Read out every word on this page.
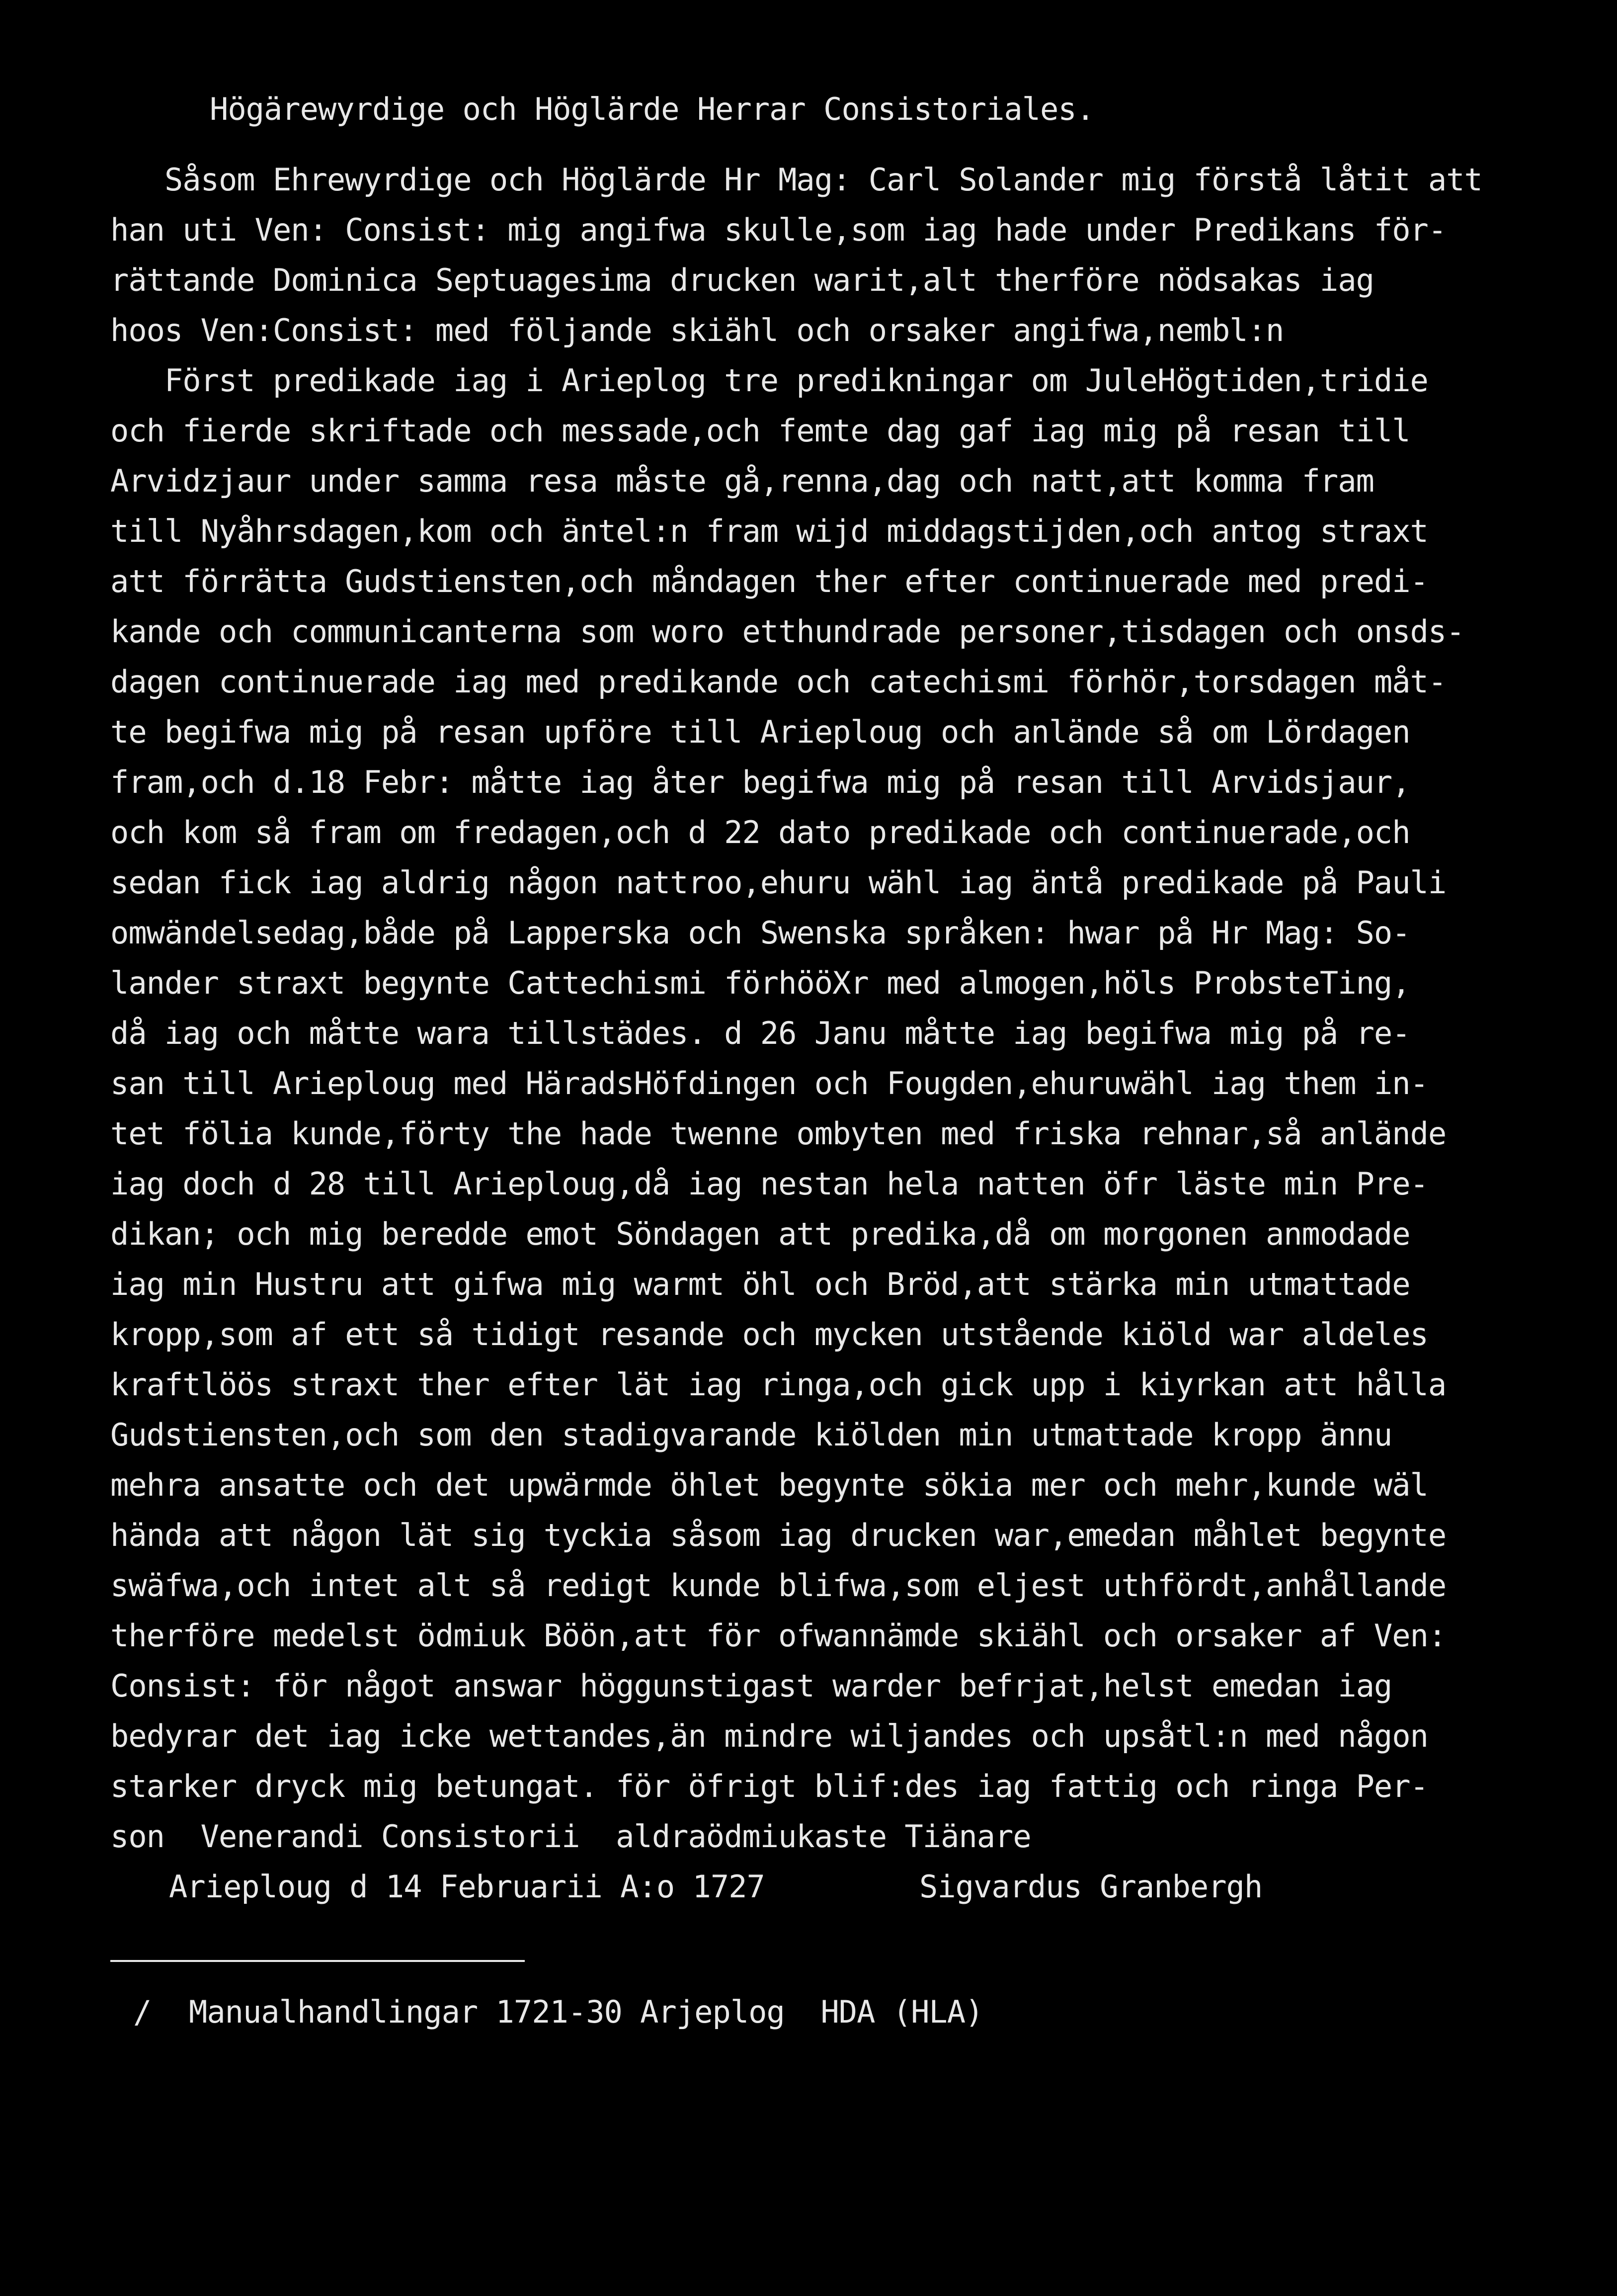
Högärewyrdige och Höglärde Herrar Consistoriales.

Såsom Ehrewyrdige och Höglärde Hr Mag: Carl Solander mig förstå låtit att

han uti Ven: Consist: mig angifwa skulle,som iag hade under Predikans för-

rättande Dominica Septuagesima drucken warit,alt therföre nödsakas iag

hoos Ven:Consist: med följande skiähl och orsaker angifwa,nembl:n

Först predikade iag i Arieplog tre predikningar om JuleHögtiden,tridie

och fierde skriftade och messade,och femte dag gaf iag mig på resan till

Arvidzjaur under samma resa måste gå,renna,dag och natt,att komma fram

till Nyåhrsdagen,kom och äntel:n fram wijd middagstijden,och antog straxt

att förrätta Gudstiensten,och måndagen ther efter continuerade med predi-

kande och communicanterna som woro etthundrade personer,tisdagen och onsds-

dagen continuerade iag med predikande och catechismi förhör,torsdagen måt-

te begifwa mig på resan upföre till Arieploug och anlände så om Lördagen

fram,och d.18 Febr: måtte iag åter begifwa mig på resan till Arvidsjaur,

och kom så fram om fredagen,och d 22 dato predikade och continuerade,och

sedan fick iag aldrig någon nattroo,ehuru wähl iag äntå predikade på Pauli

omwändelsedag,både på Lapperska och Swenska språken: hwar på Hr Mag: So-

lander straxt begynte Cattechismi förhööXr med almogen,höls ProbsteTing,

då iag och måtte wara tillstädes. d 26 Janu måtte iag begifwa mig på re-

san till Arieploug med HäradsHöfdingen och Fougden,ehuruwähl iag them in-

tet fölia kunde,förty the hade twenne ombyten med friska rehnar,så anlände

iag doch d 28 till Arieploug,då iag nestan hela natten öfr läste min Pre-

dikan; och mig beredde emot Söndagen att predika,då om morgonen anmodade

iag min Hustru att gifwa mig warmt öhl och Bröd,att stärka min utmattade

kropp,som af ett så tidigt resande och mycken utstående kiöld war aldeles

kraftlöös straxt ther efter lät iag ringa,och gick upp i kiyrkan att hålla

Gudstiensten,och som den stadigvarande kiölden min utmattade kropp ännu

mehra ansatte och det upwärmde öhlet begynte sökia mer och mehr,kunde wäl

hända att någon lät sig tyckia såsom iag drucken war,emedan måhlet begynte

swäfwa,och intet alt så redigt kunde blifwa,som eljest uthfördt,anhållande

therföre medelst ödmiuk Böön,att för ofwannämde skiähl och orsaker af Ven:

Consist: för något answar höggunstigast warder befrjat,helst emedan iag

bedyrar det iag icke wettandes,än mindre wiljandes och upsåtl:n med någon

starker dryck mig betungat. för öfrigt blif:des iag fattig och ringa Per-

son  Venerandi Consistorii  aldraödmiukaste Tiänare

Arieploug d 14 Februarii A:o 1727

	Sigvardus Granbergh

/

Manualhandlingar 1721-30 Arjeplog  HDA (HLA)
